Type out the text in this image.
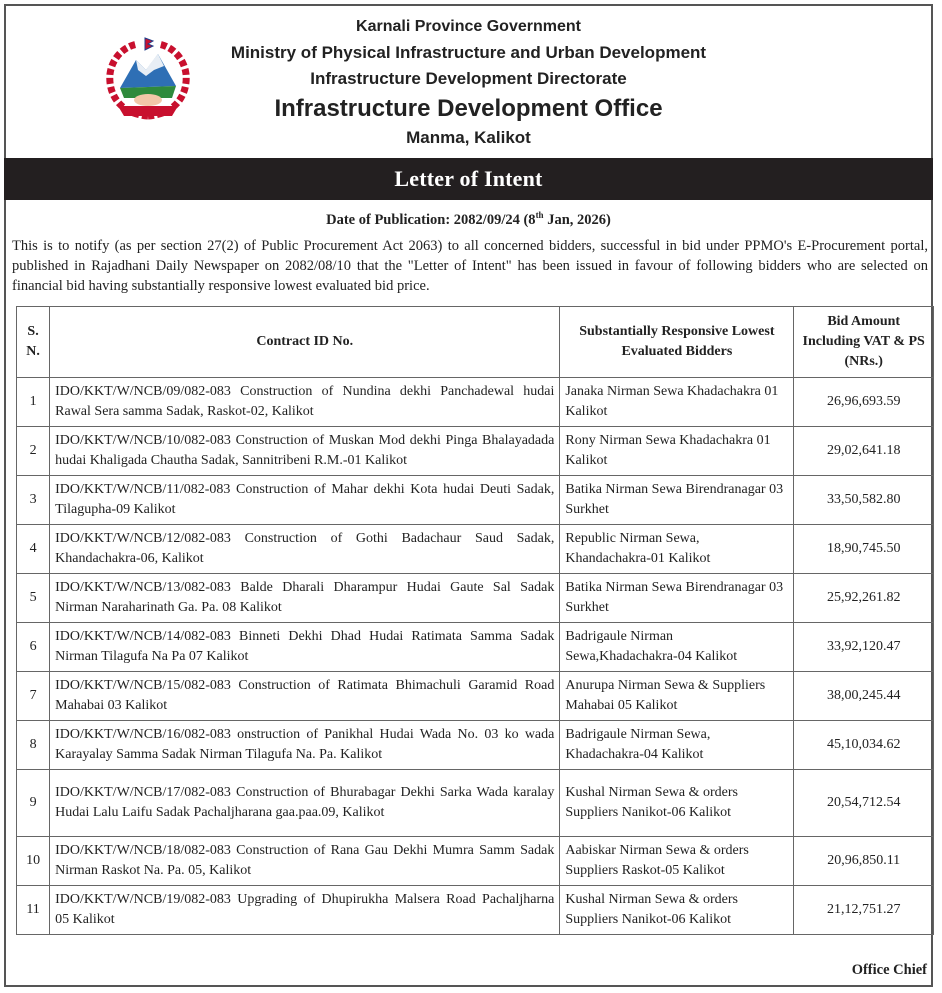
Karnali Province Government
Ministry of Physical Infrastructure and Urban Development
Infrastructure Development Directorate
Infrastructure Development Office
Manma, Kalikot
Letter of Intent
Date of Publication: 2082/09/24 (8th Jan, 2026)
This is to notify (as per section 27(2) of Public Procurement Act 2063) to all concerned bidders, successful in bid under PPMO's E-Procurement portal, published in Rajadhani Daily Newspaper on 2082/08/10 that the "Letter of Intent" has been issued in favour of following bidders who are selected on financial bid having substantially responsive lowest evaluated bid price.
S. N.	Contract ID No.	Substantially Responsive Lowest Evaluated Bidders	Bid Amount Including VAT & PS (NRs.)
1	IDO/KKT/W/NCB/09/082-083 Construction of Nundina dekhi Panchadewal hudai Rawal Sera samma Sadak, Raskot-02, Kalikot	Janaka Nirman Sewa Khadachakra 01 Kalikot	26,96,693.59
2	IDO/KKT/W/NCB/10/082-083 Construction of Muskan Mod dekhi Pinga Bhalayadada hudai Khaligada Chautha Sadak, Sannitribeni R.M.-01 Kalikot	Rony Nirman Sewa Khadachakra 01 Kalikot	29,02,641.18
3	IDO/KKT/W/NCB/11/082-083 Construction of Mahar dekhi Kota hudai Deuti Sadak, Tilagupha-09 Kalikot	Batika Nirman Sewa Birendranagar 03 Surkhet	33,50,582.80
4	IDO/KKT/W/NCB/12/082-083 Construction of Gothi Badachaur Saud Sadak, Khandachakra-06, Kalikot	Republic Nirman Sewa, Khandachakra-01 Kalikot	18,90,745.50
5	IDO/KKT/W/NCB/13/082-083 Balde Dharali Dharampur Hudai Gaute Sal Sadak Nirman Naraharinath Ga. Pa. 08 Kalikot	Batika Nirman Sewa Birendranagar 03 Surkhet	25,92,261.82
6	IDO/KKT/W/NCB/14/082-083 Binneti Dekhi Dhad Hudai Ratimata Samma Sadak Nirman Tilagufa Na Pa 07 Kalikot	Badrigaule Nirman Sewa,Khadachakra-04 Kalikot	33,92,120.47
7	IDO/KKT/W/NCB/15/082-083 Construction of Ratimata Bhimachuli Garamid Road Mahabai 03 Kalikot	Anurupa Nirman Sewa & Suppliers Mahabai 05 Kalikot	38,00,245.44
8	IDO/KKT/W/NCB/16/082-083 onstruction of Panikhal Hudai Wada No. 03 ko wada Karayalay Samma Sadak Nirman Tilagufa Na. Pa. Kalikot	Badrigaule Nirman Sewa, Khadachakra-04 Kalikot	45,10,034.62
9	IDO/KKT/W/NCB/17/082-083 Construction of Bhurabagar Dekhi Sarka Wada karalay Hudai Lalu Laifu Sadak Pachaljharana gaa.paa.09, Kalikot	Kushal Nirman Sewa & orders Suppliers Nanikot-06 Kalikot	20,54,712.54
10	IDO/KKT/W/NCB/18/082-083 Construction of Rana Gau Dekhi Mumra Samm Sadak Nirman Raskot Na. Pa. 05, Kalikot	Aabiskar Nirman Sewa & orders Suppliers Raskot-05 Kalikot	20,96,850.11
11	IDO/KKT/W/NCB/19/082-083 Upgrading of Dhupirukha Malsera Road Pachaljharna 05 Kalikot	Kushal Nirman Sewa & orders Suppliers Nanikot-06 Kalikot	21,12,751.27
Office Chief
